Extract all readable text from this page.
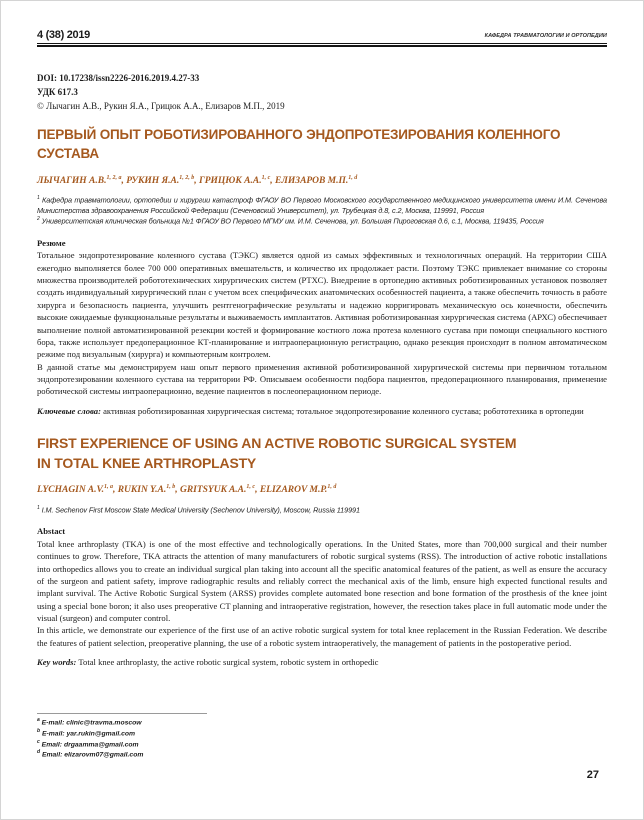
4 (38) 2019	КАФЕДРА ТРАВМАТОЛОГИИ И ОРТОПЕДИИ
DOI: 10.17238/issn2226-2016.2019.4.27-33
УДК 617.3
© Лычагин А.В., Рукин Я.А., Грицюк А.А., Елизаров М.П., 2019
ПЕРВЫЙ ОПЫТ РОБОТИЗИРОВАННОГО ЭНДОПРОТЕЗИРОВАНИЯ КОЛЕННОГО СУСТАВА
ЛЫЧАГИН А.В.$^{1, 2, a}$, РУКИН Я.А.$^{1, 2, b}$, ГРИЦЮК А.А.$^{1, c}$, ЕЛИЗАРОВ М.П.$^{1, d}$
$^1$ Кафедра травматологии, ортопедии и хирургии катастроф ФГАОУ ВО Первого Московского государственного медицинского университета имени И.М. Сеченова Министерства здравоохранения Российской Федерации (Сеченовский Университет), ул. Трубецкая д.8, с.2, Москва, 119991, Россия
$^2$ Университетская клиническая больница №1 ФГАОУ ВО Первого МГМУ им. И.М. Сеченова, ул. Большая Пироговская д.6, с.1, Москва, 119435, Россия
Резюме

Тотальное эндопротезирование коленного сустава (ТЭКС) является одной из самых эффективных и технологичных операций. На территории США ежегодно выполняется более 700 000 оперативных вмешательств, и количество их продолжает расти. Поэтому ТЭКС привлекает внимание со стороны множества производителей робототехнических хирургических систем (РТХС). Внедрение в ортопедию активных роботизированных установок позволяет создать индивидуальный хирургический план с учетом всех специфических анатомических особенностей пациента, а также обеспечить точность в работе хирурга и безопасность пациента, улучшить рентгенографические результаты и надежно корригировать механическую ось конечности, обеспечить высокие ожидаемые функциональные результаты и выживаемость имплантатов. Активная роботизированная хирургическая система (АРХС) обеспечивает выполнение полной автоматизированной резекции костей и формирование костного ложа протеза коленного сустава при помощи специального костного бора, также использует предоперационное КТ-планирование и интраоперационную регистрацию, однако резекция происходит в полном автоматическом режиме под визуальным (хирурга) и компьютерным контролем.

В данной статье мы демонстрируем наш опыт первого применения активной роботизированной хирургической системы при первичном тотальном эндопротезировании коленного сустава на территории РФ. Описываем особенности подбора пациентов, предоперационного планирования, применение роботической системы интраоперационно, ведение пациентов в послеоперационном периоде.

Ключевые слова: активная роботизированная хирургическая система; тотальное эндопротезирование коленного сустава; робототехника в ортопедии
FIRST EXPERIENCE OF USING AN ACTIVE ROBOTIC SURGICAL SYSTEM
IN TOTAL KNEE ARTHROPLASTY
LYCHAGIN A.V.$^{1, a}$, RUKIN Y.A.$^{1, b}$, GRITSYUK A.A.$^{1, c}$, ELIZAROV M.P.$^{1, d}$
$^1$ I.M. Sechenov First Moscow State Medical University (Sechenov University), Moscow, Russia 119991
Abstact

Total knee arthroplasty (TKA) is one of the most effective and technologically operations. In the United States, more than 700,000 surgical and their number continues to grow. Therefore, TKA attracts the attention of many manufacturers of robotic surgical systems (RSS). The introduction of active robotic installations into orthopedics allows you to create an individual surgical plan taking into account all the specific anatomical features of the patient, as well as ensure the accuracy of the surgeon and patient safety, improve radiographic results and reliably correct the mechanical axis of the limb, ensure high expected functional results and implant survival. The Active Robotic Surgical System (ARSS) provides complete automated bone resection and bone formation of the prosthesis of the knee joint using a special bone boron; it also uses preoperative CT planning and intraoperative registration, however, the resection takes place in full automatic mode under the visual (surgeon) and computer control.

In this article, we demonstrate our experience of the first use of an active robotic surgical system for total knee replacement in the Russian Federation. We describe the features of patient selection, preoperative planning, the use of a robotic system intraoperatively, the management of patients in the postoperative period.

Key words: Total knee arthroplasty, the active robotic surgical system, robotic system in orthopedic
$^a$ E-mail: clinic@travma.moscow
$^b$ E-mail: yar.rukin@gmail.com
$^c$ Email: drgaamma@gmail.com
$^d$ Email: elizarovm07@gmail.com
27
